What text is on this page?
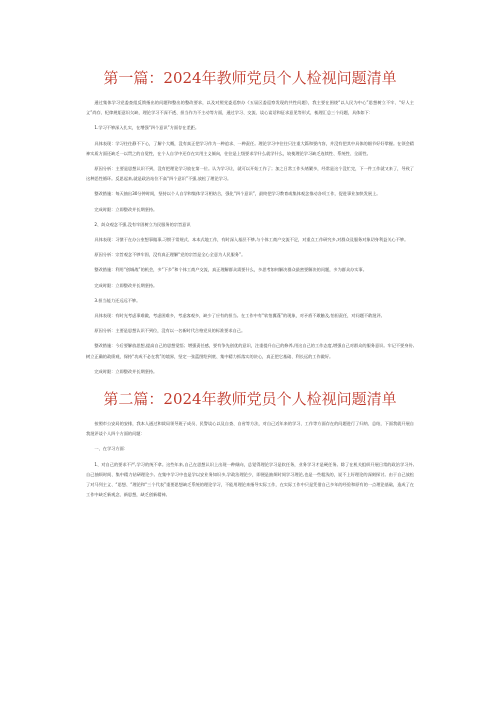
第一篇：2024年教师党员个人检视问题清单

通过集体学习党委查组反馈指出的问题和整出的整改要求，以及对照党委巡察办《五届区委巡察发现的共性问题》，我主要在围绕“以人民为中心”思想树立不牢、“好人主义”尚存、纪律规矩意识欠缺、理论学习不深不透、担当作为不主动等方面，通过学习、交流、谈心谈话和征求意见等形式，梳理汇总三个问题，具体如下：

1.学习不够深入扎实，在增强“四个意识”方面存在差距。

具体表现：学习往往静不下心，了解个大概，没有真正把学习作为一种追求、一种责任。理论学习中往往只注重大篇和要内容，并没有把其中具体的细节好好掌握。在领会精神实质方面还缺乏一以贯之的自觉性，在个人自学中还存在实用主义倾向，往往是上级要求学什么就学什么，较使理论学习缺乏连续性、系统性、全面性。

原因分析：主要是思想认识不到，没有把理论学习放在第一位。认为学习让，就可以开始工作了；加之日常工作头绪繁多，经常是这个没忙完，下一件工作就又来了，导致了这种恶性循环。反思起来,就是政治站位不高“四个意识”不强,放松了理论学习。

整改措施：每天抽出30分钟时间，坚持以个人自学和集体学习相结合，强化“四个意识”，最终把学习教育或集体观念推动各项工作，促进事业加快发展上。

完成时限：立即整改并长期坚持。

2、纠众观念不强,没有牢固树立为民服务的宗旨意识

具体表现：习惯于在办公室想事做事,习惯于常规式、本本式地工作，有时深入基层不够,与个体工商户交流不足，对重点工作研究多,对群众及服务对象切身利益关心不够。

原因分析：宗旨观念不够牢固，没有真正理解“党的宗旨是全心全意为人民服务”。

整改措施：利用“创城战”的机会，多“下乡”和个体工商户交流，真正理解群众需要什么，多思考如何解决群众最密要解决的问题，多为群众办实事。

完成时限：立即整改并长期坚持。

3.担当能力还远远不够。

具体表现：有时光考虑事难做，考虑困难多，考虑客观多，缺少了应有的担当。在工作中有“软怕翼蓬”的现象，对矛盾不敢触及,怕担责任，对问题不敢批评。

原因分析：主要是思想认识不到位，没有以一名新时代合格党员的标准要求自己。

整改措施：今后要解放思想,提高自己的思想觉悟；增强责任感，要有争先创优的意识，注重提升自己的修养,用这自己的工作态度,增强自己对群众的服务意识。牢记不要身份,树立正确的政绩观，保持“功成不必在我”的境界，坚定一张蓝图绘到底、集中精力抓落实的决心，真正把它基础、利长远的工作做好。

完成时限：立即整改并长期坚持。

第二篇：2024年教师党员个人检视问题清单

按照市公安局的安排，我本人通过和裁局领导班子成员、民警谈心以及自查、自省等方法，对自己近年来的学习、工作等方面存在的问题进行了归纳、总结，下面我就开展自我批评谈个人四个方面的问题：

一、在学习方面：

1、对自己的要求不严,学习的统不拿。这些年来,自己在思想认识上出现一种倾向，总觉得理论学习是软任务，业务学习才是硬任务。除了在机关组织开展日常的政治学习外,自己抽烦时间、集中精力钻研理论少。在集中学习中也是学以安业务知识多,学政治理论少，即便是抽烦时间学习理论,也是一些粗浅的，说不上好理论的深刻探讨。由于自己放松了对马列主义、“思想、“理论和“三个代表”重要思想缺乏系统的理论学习，不能用理论来指导实际工作，在实际工作中只是凭借自己多年的经验和原有的一点理论基础，造成了在工作中缺乏新观念、新思想，缺乏创新精神。
